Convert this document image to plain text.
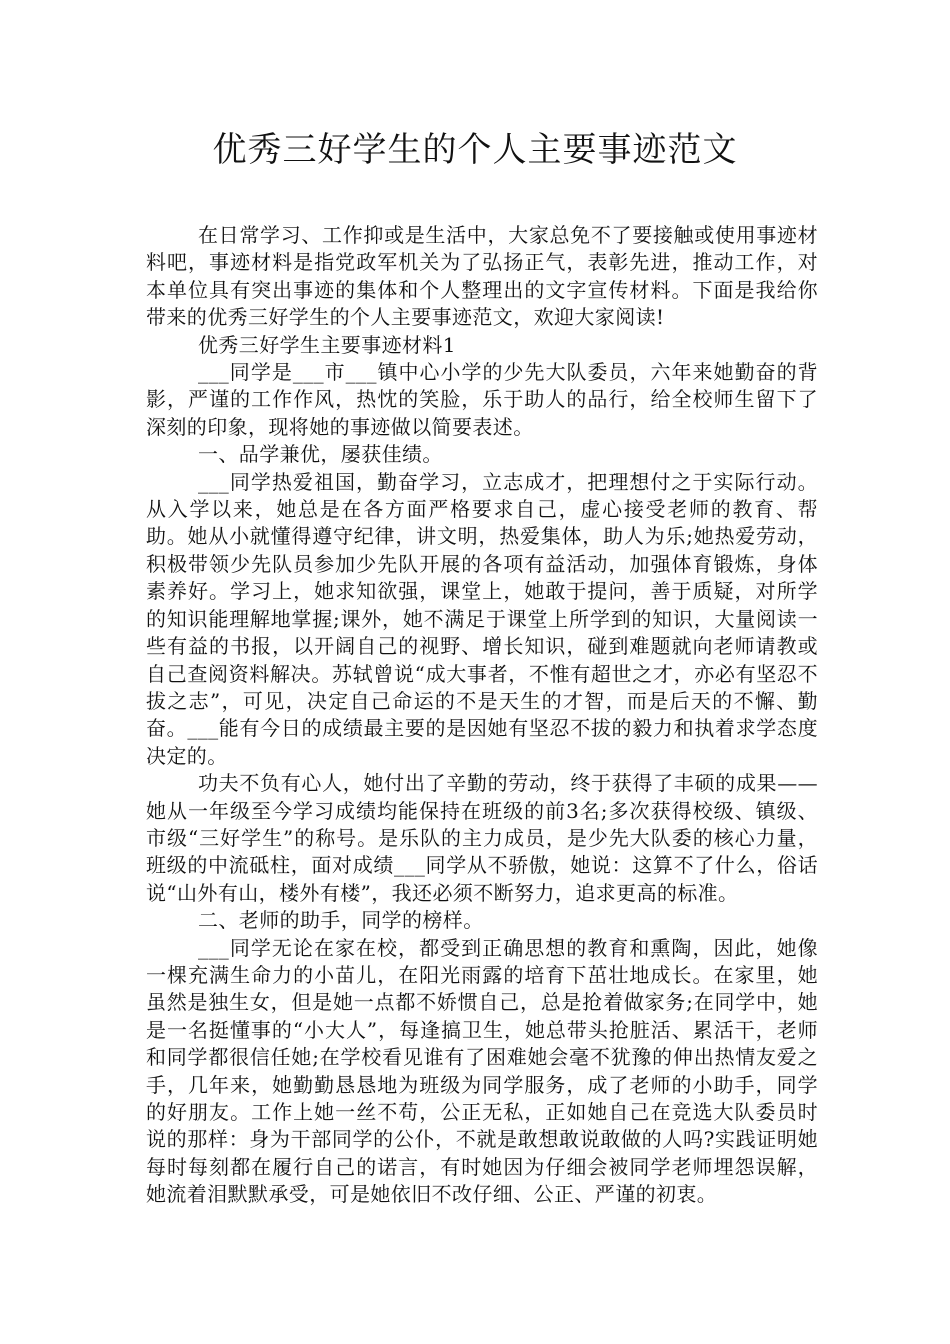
优秀三好学生的个人主要事迹范文

在日常学习、工作抑或是生活中，大家总免不了要接触或使用事迹材料吧，事迹材料是指党政军机关为了弘扬正气，表彰先进，推动工作，对本单位具有突出事迹的集体和个人整理出的文字宣传材料。下面是我给你带来的优秀三好学生的个人主要事迹范文，欢迎大家阅读!

优秀三好学生主要事迹材料1

___同学是___市___镇中心小学的少先大队委员，六年来她勤奋的背影，严谨的工作作风，热忱的笑脸，乐于助人的品行，给全校师生留下了深刻的印象，现将她的事迹做以简要表述。

一、品学兼优，屡获佳绩。

___同学热爱祖国，勤奋学习，立志成才，把理想付之于实际行动。从入学以来，她总是在各方面严格要求自己，虚心接受老师的教育、帮助。她从小就懂得遵守纪律，讲文明，热爱集体，助人为乐;她热爱劳动，积极带领少先队员参加少先队开展的各项有益活动，加强体育锻炼，身体素养好。学习上，她求知欲强，课堂上，她敢于提问，善于质疑，对所学的知识能理解地掌握;课外，她不满足于课堂上所学到的知识，大量阅读一些有益的书报，以开阔自己的视野、增长知识，碰到难题就向老师请教或自己查阅资料解决。苏轼曾说“成大事者，不惟有超世之才，亦必有坚忍不拔之志”，可见，决定自己命运的不是天生的才智，而是后天的不懈、勤奋。___能有今日的成绩最主要的是因她有坚忍不拔的毅力和执着求学态度决定的。

功夫不负有心人，她付出了辛勤的劳动，终于获得了丰硕的成果——她从一年级至今学习成绩均能保持在班级的前3名;多次获得校级、镇级、市级“三好学生”的称号。是乐队的主力成员，是少先大队委的核心力量，班级的中流砥柱，面对成绩___同学从不骄傲，她说：这算不了什么，俗话说“山外有山，楼外有楼”，我还必须不断努力，追求更高的标准。

二、老师的助手，同学的榜样。

___同学无论在家在校，都受到正确思想的教育和熏陶，因此，她像一棵充满生命力的小苗儿，在阳光雨露的培育下茁壮地成长。在家里，她虽然是独生女，但是她一点都不娇惯自己，总是抢着做家务;在同学中，她是一名挺懂事的“小大人”，每逢搞卫生，她总带头抢脏活、累活干，老师和同学都很信任她;在学校看见谁有了困难她会毫不犹豫的伸出热情友爱之手，几年来，她勤勤恳恳地为班级为同学服务，成了老师的小助手，同学的好朋友。工作上她一丝不苟，公正无私，正如她自己在竞选大队委员时说的那样：身为干部同学的公仆，不就是敢想敢说敢做的人吗?实践证明她每时每刻都在履行自己的诺言，有时她因为仔细会被同学老师埋怨误解，她流着泪默默承受，可是她依旧不改仔细、公正、严谨的初衷。
